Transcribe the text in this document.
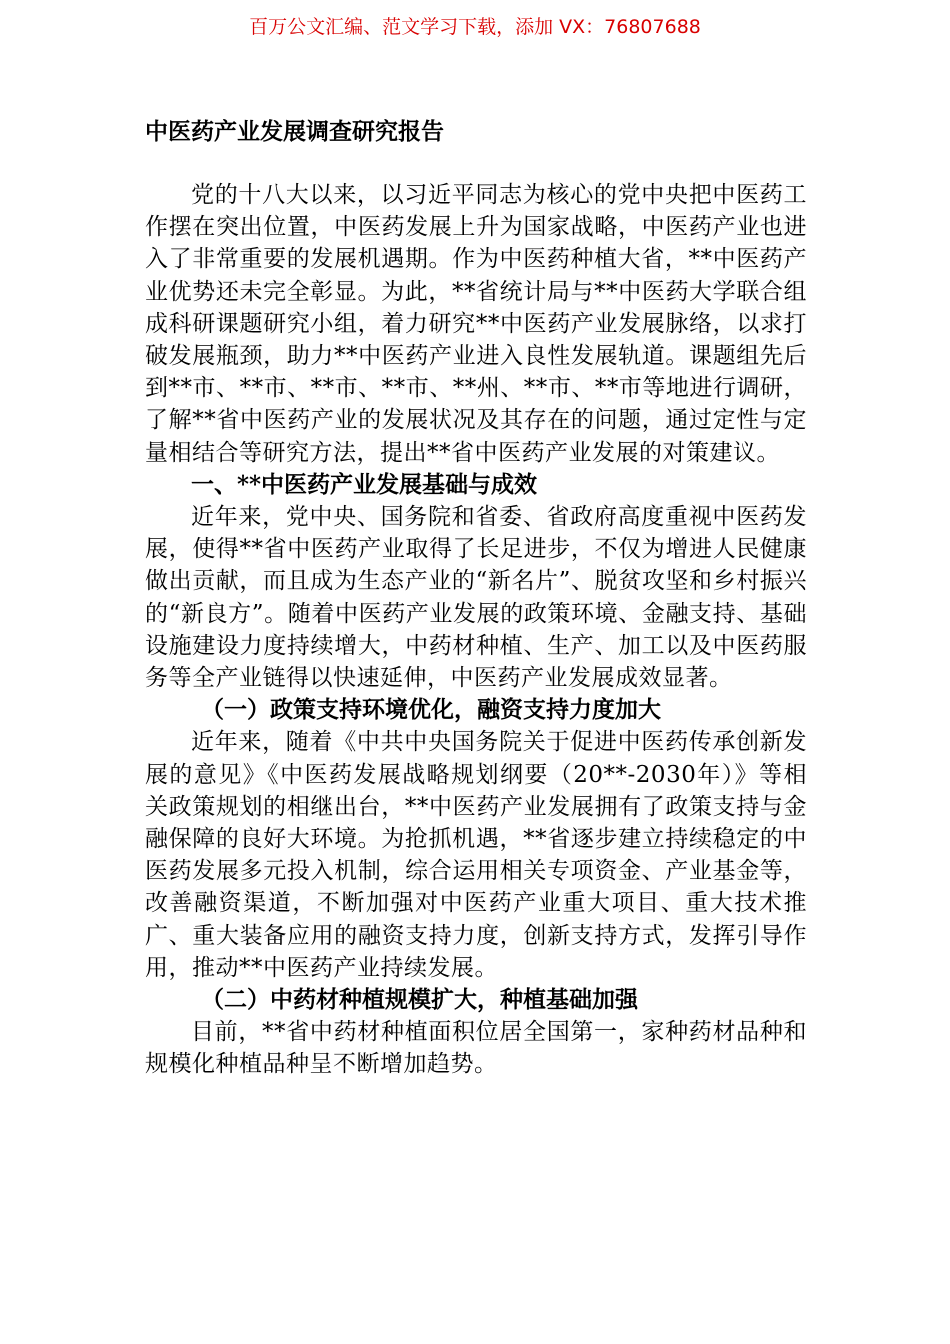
百万公文汇编、范文学习下载，添加 VX：76807688
中医药产业发展调查研究报告

党的十八大以来，以习近平同志为核心的党中央把中医药工作摆在突出位置，中医药发展上升为国家战略，中医药产业也进入了非常重要的发展机遇期。作为中医药种植大省，**中医药产业优势还未完全彰显。为此，**省统计局与**中医药大学联合组成科研课题研究小组，着力研究**中医药产业发展脉络，以求打破发展瓶颈，助力**中医药产业进入良性发展轨道。课题组先后到**市、**市、**市、**市、**州、**市、**市等地进行调研，了解**省中医药产业的发展状况及其存在的问题，通过定性与定量相结合等研究方法，提出**省中医药产业发展的对策建议。

一、**中医药产业发展基础与成效

近年来，党中央、国务院和省委、省政府高度重视中医药发展，使得**省中医药产业取得了长足进步，不仅为增进人民健康做出贡献，而且成为生态产业的“新名片”、脱贫攻坚和乡村振兴的“新良方”。随着中医药产业发展的政策环境、金融支持、基础设施建设力度持续增大，中药材种植、生产、加工以及中医药服务等全产业链得以快速延伸，中医药产业发展成效显著。

（一）政策支持环境优化，融资支持力度加大

近年来，随着《中共中央国务院关于促进中医药传承创新发展的意见》《中医药发展战略规划纲要（20**-2030年）》等相关政策规划的相继出台，**中医药产业发展拥有了政策支持与金融保障的良好大环境。为抢抓机遇，**省逐步建立持续稳定的中医药发展多元投入机制，综合运用相关专项资金、产业基金等，改善融资渠道，不断加强对中医药产业重大项目、重大技术推广、重大装备应用的融资支持力度，创新支持方式，发挥引导作用，推动**中医药产业持续发展。

（二）中药材种植规模扩大，种植基础加强

目前，**省中药材种植面积位居全国第一，家种药材品种和规模化种植品种呈不断增加趋势。
